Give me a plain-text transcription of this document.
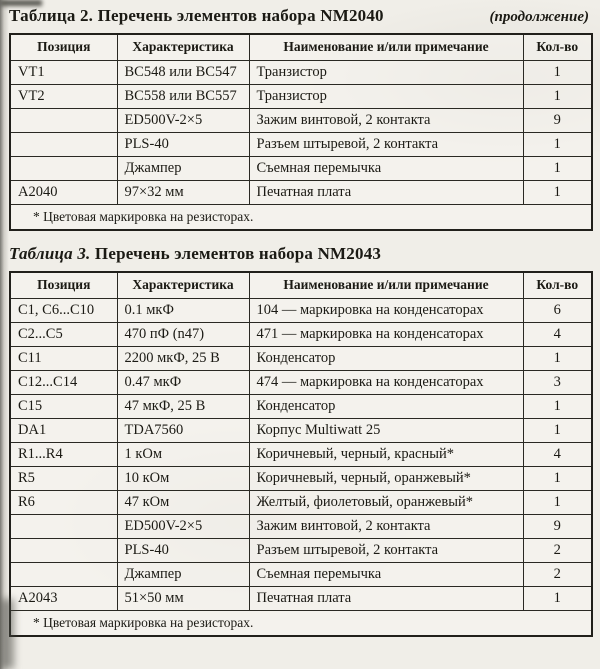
Таблица 2. Перечень элементов набора NM2040	(продолжение)
Позиция	Характеристика	Наименование и/или примечание	Кол-во
VT1	BC548 или BC547	Транзистор	1
VT2	BC558 или BC557	Транзистор	1
	ED500V-2×5	Зажим винтовой, 2 контакта	9
	PLS-40	Разъем штыревой, 2 контакта	1
	Джампер	Съемная перемычка	1
A2040	97×32 мм	Печатная плата	1
* Цветовая маркировка на резисторах.			
Таблица 3. Перечень элементов набора NM2043
Позиция	Характеристика	Наименование и/или примечание	Кол-во
C1, C6...C10	0.1 мкФ	104 — маркировка на конденсаторах	6
C2...C5	470 пФ (n47)	471 — маркировка на конденсаторах	4
C11	2200 мкФ, 25 В	Конденсатор	1
C12...C14	0.47 мкФ	474 — маркировка на конденсаторах	3
C15	47 мкФ, 25 В	Конденсатор	1
DA1	TDA7560	Корпус Multiwatt 25	1
R1...R4	1 кОм	Коричневый, черный, красный*	4
R5	10 кОм	Коричневый, черный, оранжевый*	1
R6	47 кОм	Желтый, фиолетовый, оранжевый*	1
	ED500V-2×5	Зажим винтовой, 2 контакта	9
	PLS-40	Разъем штыревой, 2 контакта	2
	Джампер	Съемная перемычка	2
A2043	51×50 мм	Печатная плата	1
* Цветовая маркировка на резисторах.			
